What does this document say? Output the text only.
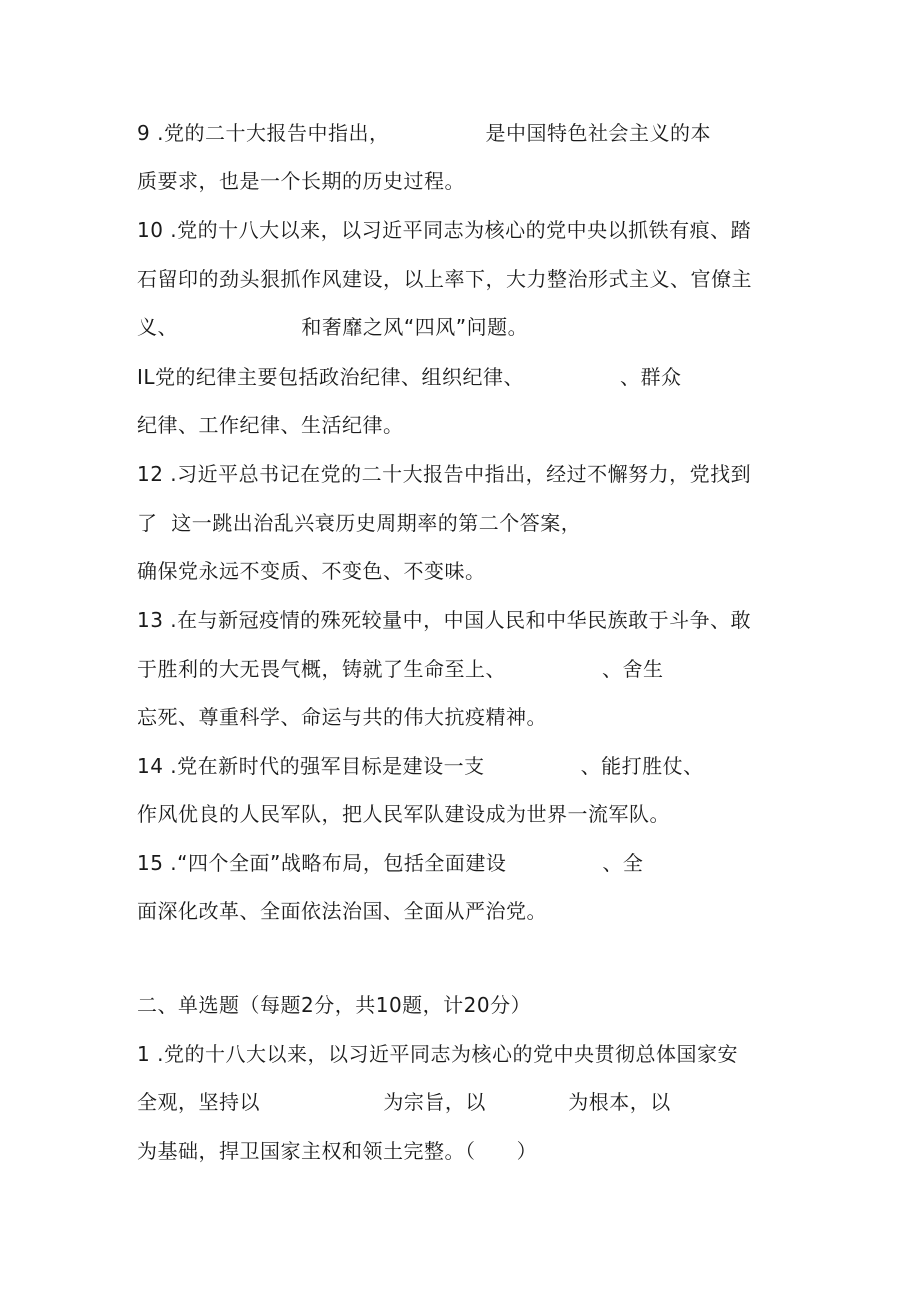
9 .党的二十大报告中指出，              是中国特色社会主义的本
质要求，也是一个长期的历史过程。
10 .党的十八大以来，以习近平同志为核心的党中央以抓铁有痕、踏
石留印的劲头狠抓作风建设，以上率下，大力整治形式主义、官僚主
义、                  和奢靡之风“四风”问题。
IL党的纪律主要包括政治纪律、组织纪律、              、群众
纪律、工作纪律、生活纪律。
12 .习近平总书记在党的二十大报告中指出，经过不懈努力，党找到
了  这一跳出治乱兴衰历史周期率的第二个答案，
确保党永远不变质、不变色、不变味。
13 .在与新冠疫情的殊死较量中，中国人民和中华民族敢于斗争、敢
于胜利的大无畏气概，铸就了生命至上、              、舍生
忘死、尊重科学、命运与共的伟大抗疫精神。
14 .党在新时代的强军目标是建设一支              、能打胜仗、
作风优良的人民军队，把人民军队建设成为世界一流军队。
15 .“四个全面”战略布局，包括全面建设              、全
面深化改革、全面依法治国、全面从严治党。
二、单选题（每题2分，共10题，计20分）
1 .党的十八大以来，以习近平同志为核心的党中央贯彻总体国家安
全观，坚持以                  为宗旨，以            为根本，以
为基础，捍卫国家主权和领土完整。（      ）
